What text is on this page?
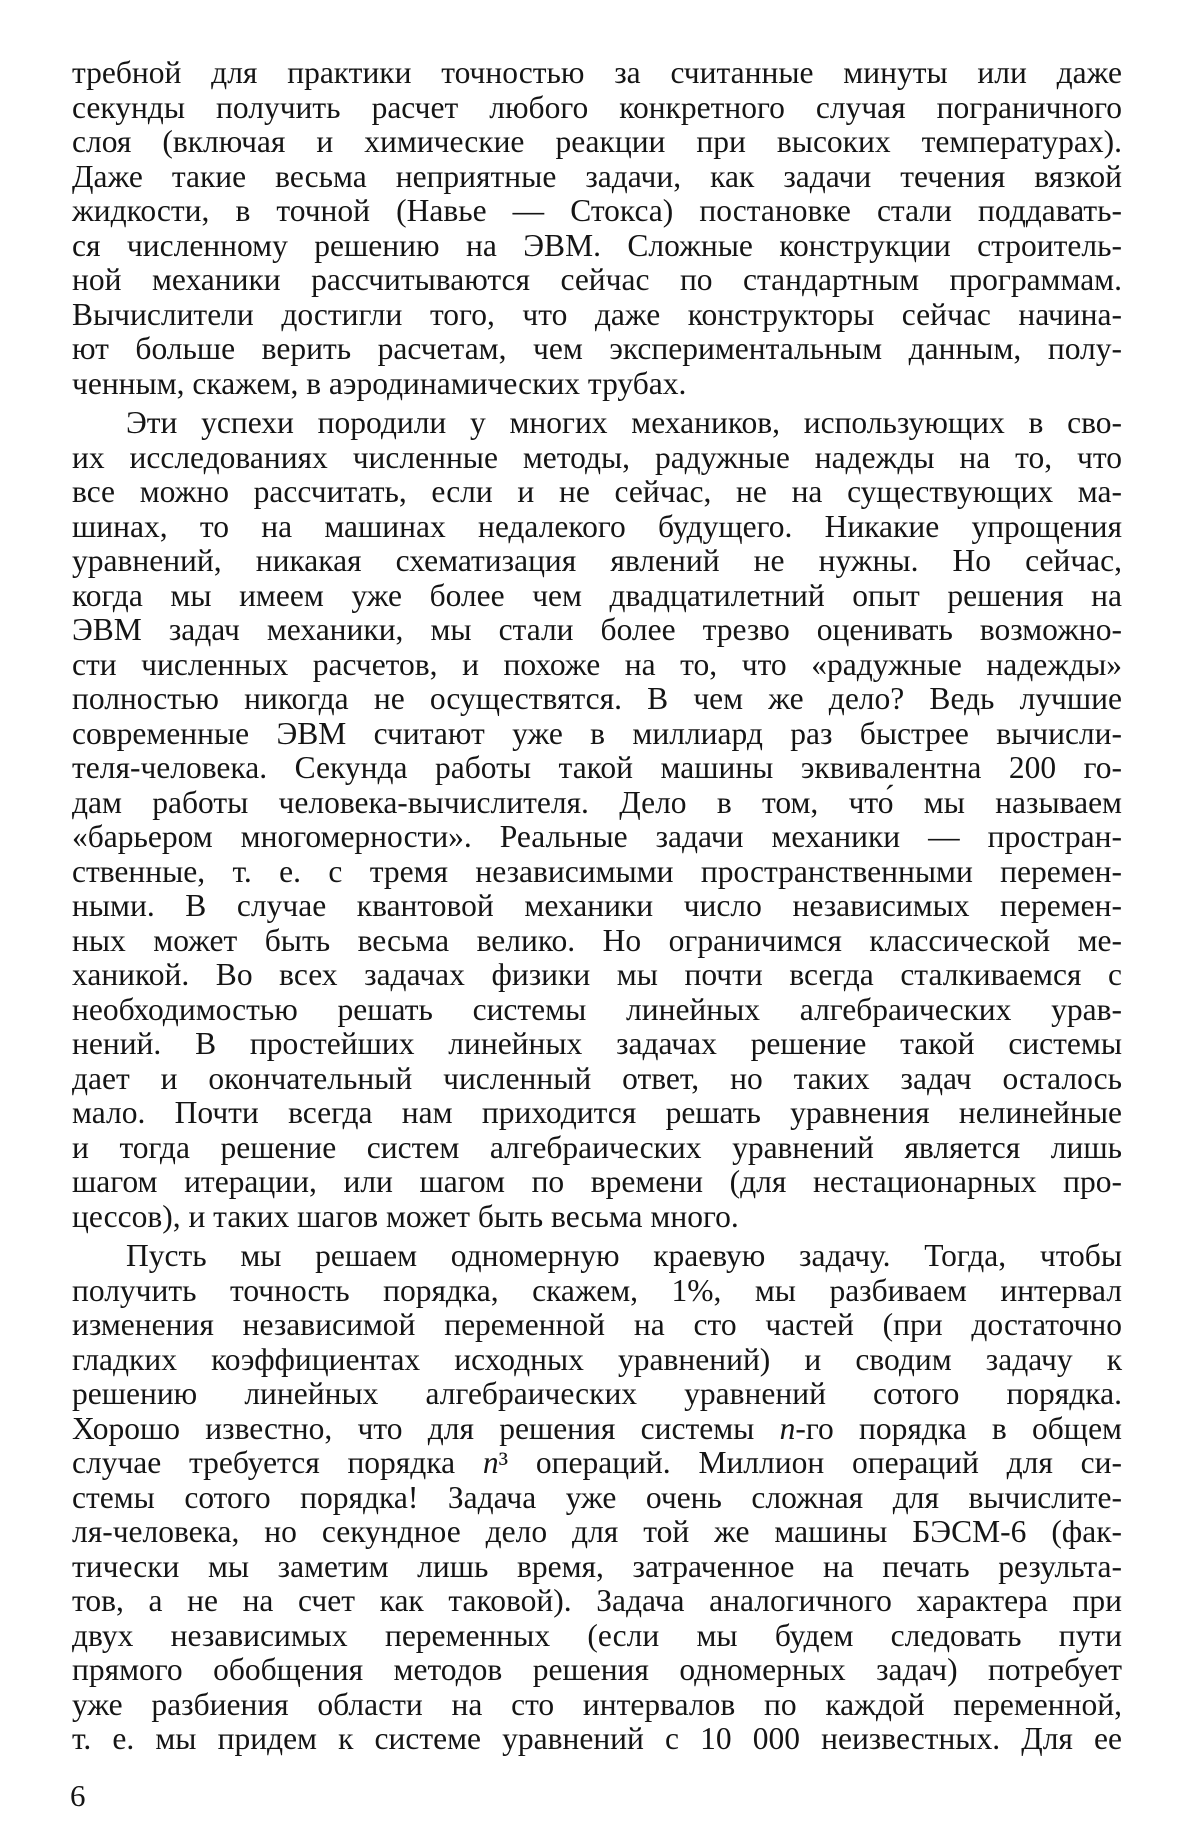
требной для практики точностью за считанные минуты или даже
секунды получить расчет любого конкретного случая пограничного
слоя (включая и химические реакции при высоких температурах).
Даже такие весьма неприятные задачи, как задачи течения вязкой
жидкости, в точной (Навье — Стокса) постановке стали поддавать-
ся численному решению на ЭВМ. Сложные конструкции строитель-
ной механики рассчитываются сейчас по стандартным программам.
Вычислители достигли того, что даже конструкторы сейчас начина-
ют больше верить расчетам, чем экспериментальным данным, полу-
ченным, скажем, в аэродинамических трубах.
Эти успехи породили у многих механиков, использующих в сво-
их исследованиях численные методы, радужные надежды на то, что
все можно рассчитать, если и не сейчас, не на существующих ма-
шинах, то на машинах недалекого будущего. Никакие упрощения
уравнений, никакая схематизация явлений не нужны. Но сейчас,
когда мы имеем уже более чем двадцатилетний опыт решения на
ЭВМ задач механики, мы стали более трезво оценивать возможно-
сти численных расчетов, и похоже на то, что «радужные надежды»
полностью никогда не осуществятся. В чем же дело? Ведь лучшие
современные ЭВМ считают уже в миллиард раз быстрее вычисли-
теля-человека. Секунда работы такой машины эквивалентна 200 го-
дам работы человека-вычислителя. Дело в том, что́ мы называем
«барьером многомерности». Реальные задачи механики — простран-
ственные, т. е. с тремя независимыми пространственными перемен-
ными. В случае квантовой механики число независимых перемен-
ных может быть весьма велико. Но ограничимся классической ме-
ханикой. Во всех задачах физики мы почти всегда сталкиваемся с
необходимостью решать системы линейных алгебраических урав-
нений. В простейших линейных задачах решение такой системы
дает и окончательный численный ответ, но таких задач осталось
мало. Почти всегда нам приходится решать уравнения нелинейные
и тогда решение систем алгебраических уравнений является лишь
шагом итерации, или шагом по времени (для нестационарных про-
цессов), и таких шагов может быть весьма много.
Пусть мы решаем одномерную краевую задачу. Тогда, чтобы
получить точность порядка, скажем, 1%, мы разбиваем интервал
изменения независимой переменной на сто частей (при достаточно
гладких коэффициентах исходных уравнений) и сводим задачу к
решению линейных алгебраических уравнений сотого порядка.
Хорошо известно, что для решения системы n-го порядка в общем
случае требуется порядка n³ операций. Миллион операций для си-
стемы сотого порядка! Задача уже очень сложная для вычислите-
ля-человека, но секундное дело для той же машины БЭСМ-6 (фак-
тически мы заметим лишь время, затраченное на печать результа-
тов, а не на счет как таковой). Задача аналогичного характера при
двух независимых переменных (если мы будем следовать пути
прямого обобщения методов решения одномерных задач) потребует
уже разбиения области на сто интервалов по каждой переменной,
т. е. мы придем к системе уравнений с 10 000 неизвестных. Для ее
6
